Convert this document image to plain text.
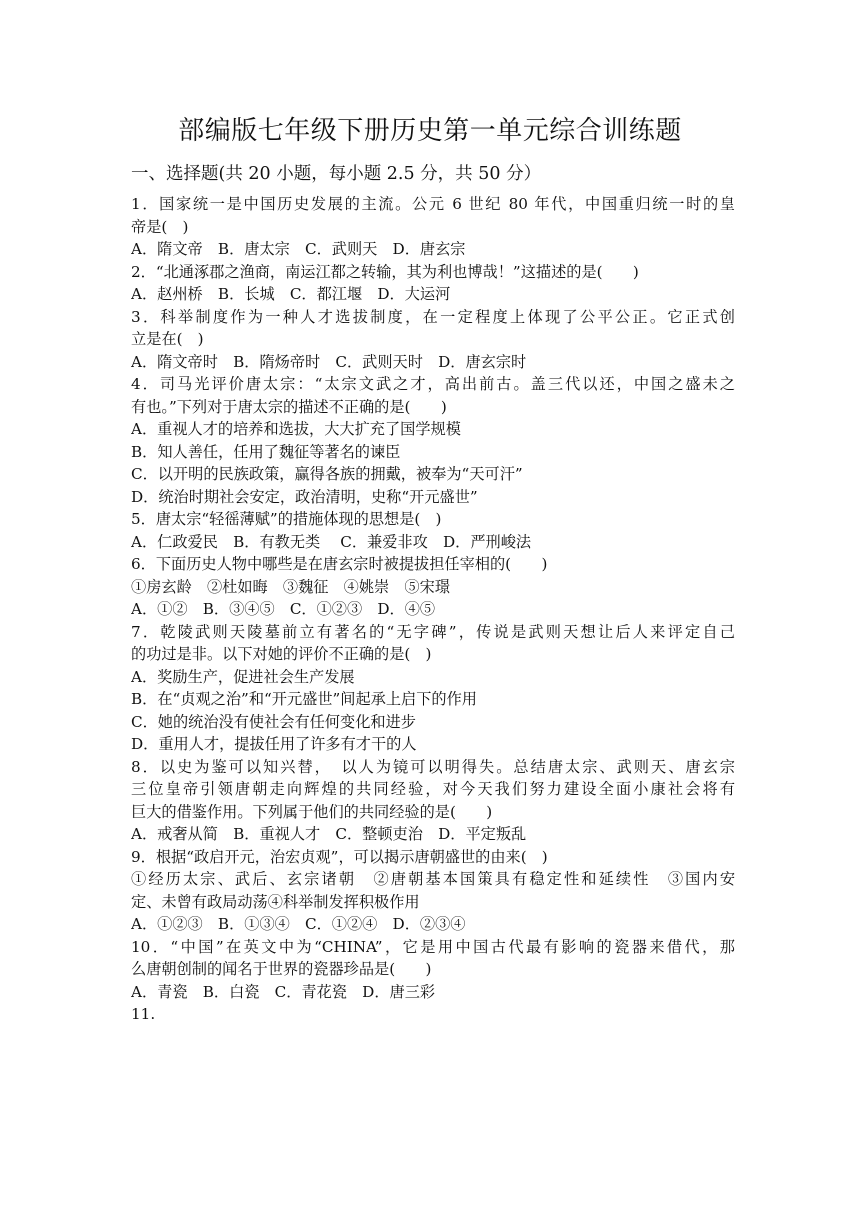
部编版七年级下册历史第一单元综合训练题
一、选择题(共 20 小题，每小题 2.5 分，共 50 分）
1．国家统一是中国历史发展的主流。公元 6 世纪 80 年代，中国重归统一时的皇
帝是(　)
A．隋文帝　B．唐太宗　C．武则天　D．唐玄宗
2．“北通涿郡之渔商，南运江都之转输，其为利也博哉！”这描述的是(　　)
A．赵州桥　B．长城　C．都江堰　D．大运河
3．科举制度作为一种人才选拔制度，在一定程度上体现了公平公正。它正式创
立是在(　)
A．隋文帝时　B．隋炀帝时　C．武则天时　D．唐玄宗时
4．司马光评价唐太宗：“太宗文武之才，高出前古。盖三代以还，中国之盛未之
有也。”下列对于唐太宗的描述不正确的是(　　)
A．重视人才的培养和选拔，大大扩充了国学规模
B．知人善任，任用了魏征等著名的谏臣
C．以开明的民族政策，赢得各族的拥戴，被奉为“天可汗”
D．统治时期社会安定，政治清明，史称“开元盛世”
5．唐太宗“轻徭薄赋”的措施体现的思想是(　)
A．仁政爱民　B．有教无类　 C．兼爱非攻　D．严刑峻法
6．下面历史人物中哪些是在唐玄宗时被提拔担任宰相的(　　)
①房玄龄　②杜如晦　③魏征　④姚崇　⑤宋璟
A．①②　B．③④⑤　C．①②③　D．④⑤
7．乾陵武则天陵墓前立有著名的“无字碑”，传说是武则天想让后人来评定自己
的功过是非。以下对她的评价不正确的是(　)
A．奖励生产，促进社会生产发展
B．在“贞观之治”和“开元盛世”间起承上启下的作用
C．她的统治没有使社会有任何变化和进步
D．重用人才，提拔任用了许多有才干的人
8．以史为鉴可以知兴替，　以人为镜可以明得失。总结唐太宗、武则天、唐玄宗
三位皇帝引领唐朝走向辉煌的共同经验，对今天我们努力建设全面小康社会将有
巨大的借鉴作用。下列属于他们的共同经验的是(　　)
A．戒奢从简　B．重视人才　C．整顿吏治　D．平定叛乱
9．根据“政启开元，治宏贞观”，可以揭示唐朝盛世的由来(　)
①经历太宗、武后、玄宗诸朝　②唐朝基本国策具有稳定性和延续性　③国内安
定、未曾有政局动荡④科举制发挥积极作用
A．①②③　B．①③④　C．①②④　D．②③④
10．“中国”在英文中为“CHINA”，它是用中国古代最有影响的瓷器来借代，那
么唐朝创制的闻名于世界的瓷器珍品是(　　)
A．青瓷　B．白瓷　C．青花瓷　D．唐三彩
11.
